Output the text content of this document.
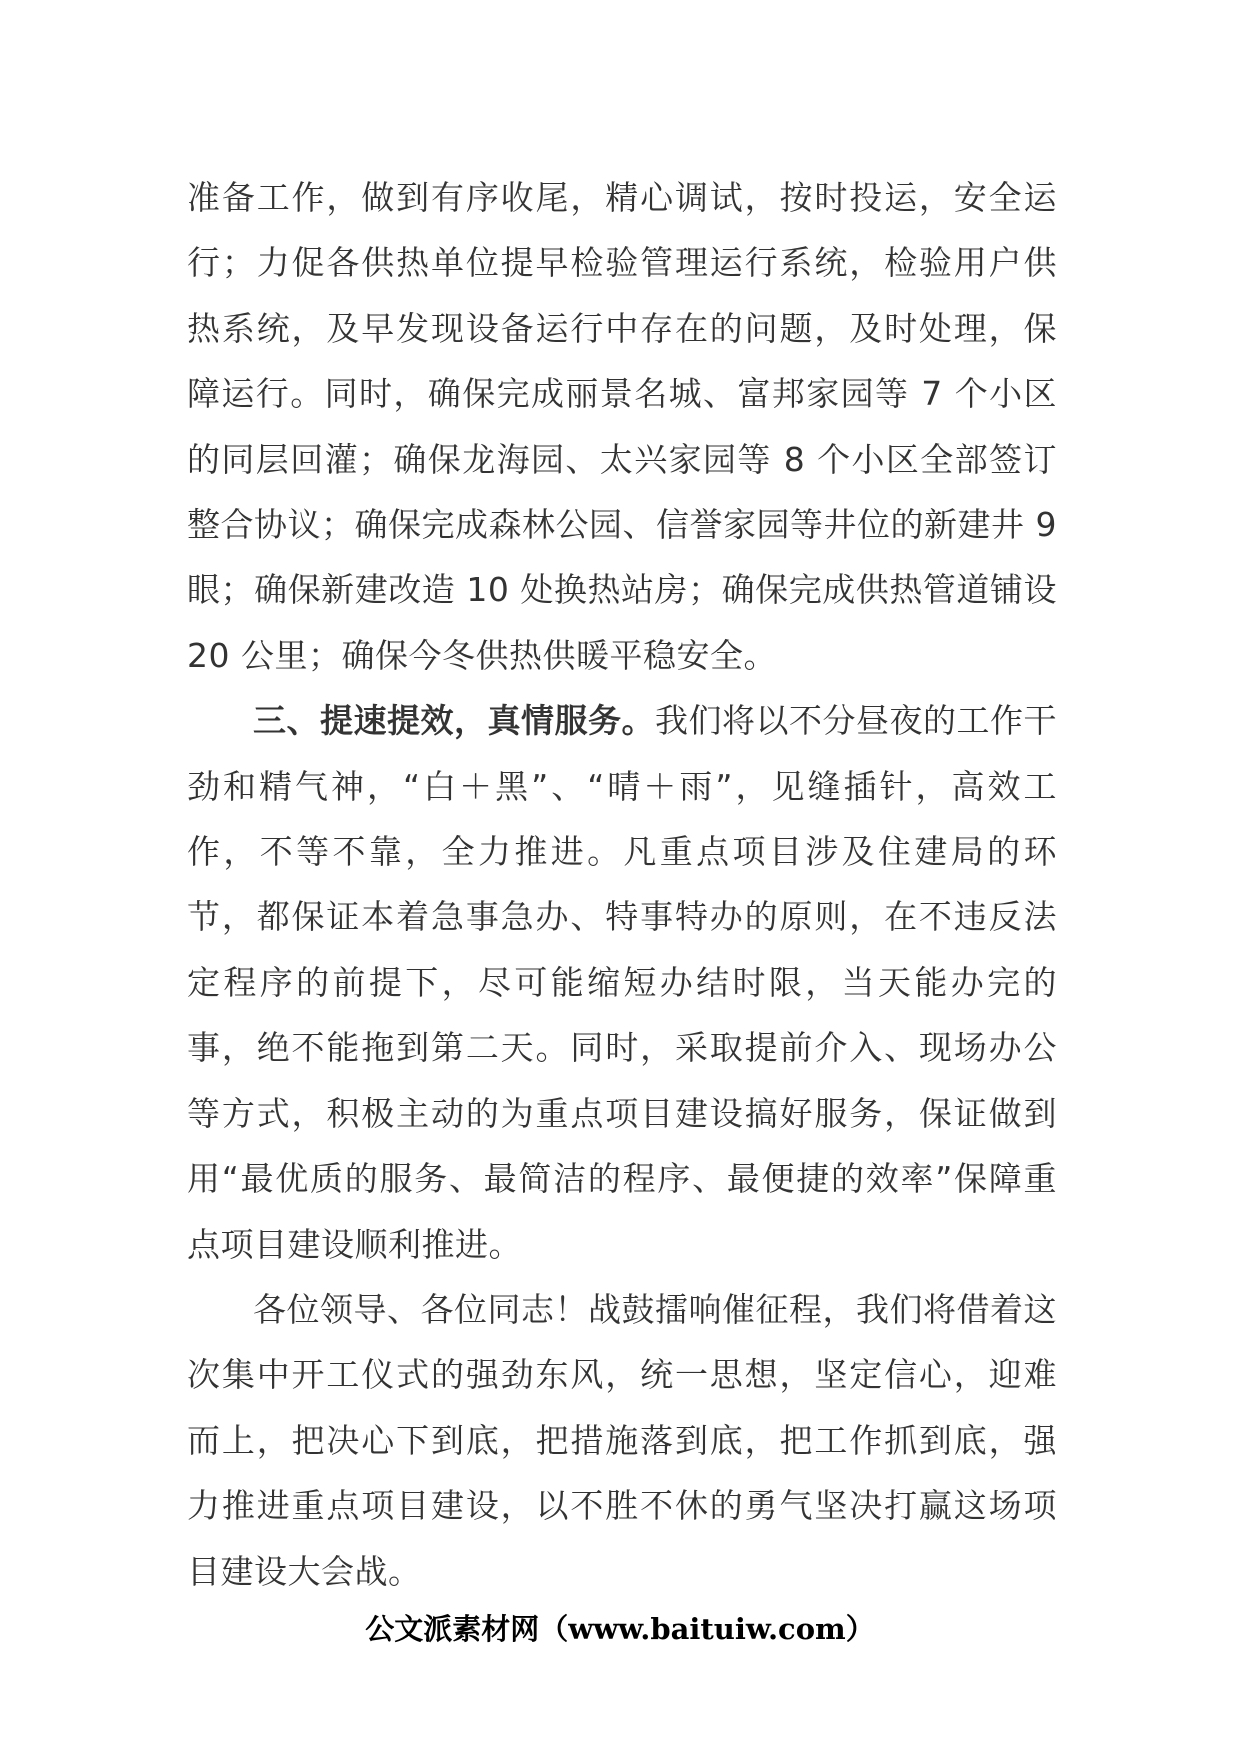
准备工作，做到有序收尾，精心调试，按时投运，安全运行；力促各供热单位提早检验管理运行系统，检验用户供热系统，及早发现设备运行中存在的问题，及时处理，保障运行。同时，确保完成丽景名城、富邦家园等 7 个小区的同层回灌；确保龙海园、太兴家园等 8 个小区全部签订整合协议；确保完成森林公园、信誉家园等井位的新建井 9 眼；确保新建改造 10 处换热站房；确保完成供热管道铺设 20 公里；确保今冬供热供暖平稳安全。

三、提速提效，真情服务。我们将以不分昼夜的工作干劲和精气神，“白＋黑”、“晴＋雨”，见缝插针，高效工作，不等不靠，全力推进。凡重点项目涉及住建局的环节，都保证本着急事急办、特事特办的原则，在不违反法定程序的前提下，尽可能缩短办结时限，当天能办完的事，绝不能拖到第二天。同时，采取提前介入、现场办公等方式，积极主动的为重点项目建设搞好服务，保证做到用“最优质的服务、最简洁的程序、最便捷的效率”保障重点项目建设顺利推进。

各位领导、各位同志！战鼓擂响催征程，我们将借着这次集中开工仪式的强劲东风，统一思想，坚定信心，迎难而上，把决心下到底，把措施落到底，把工作抓到底，强力推进重点项目建设，以不胜不休的勇气坚决打赢这场项目建设大会战。

公文派素材网（www.baituiw.com）
